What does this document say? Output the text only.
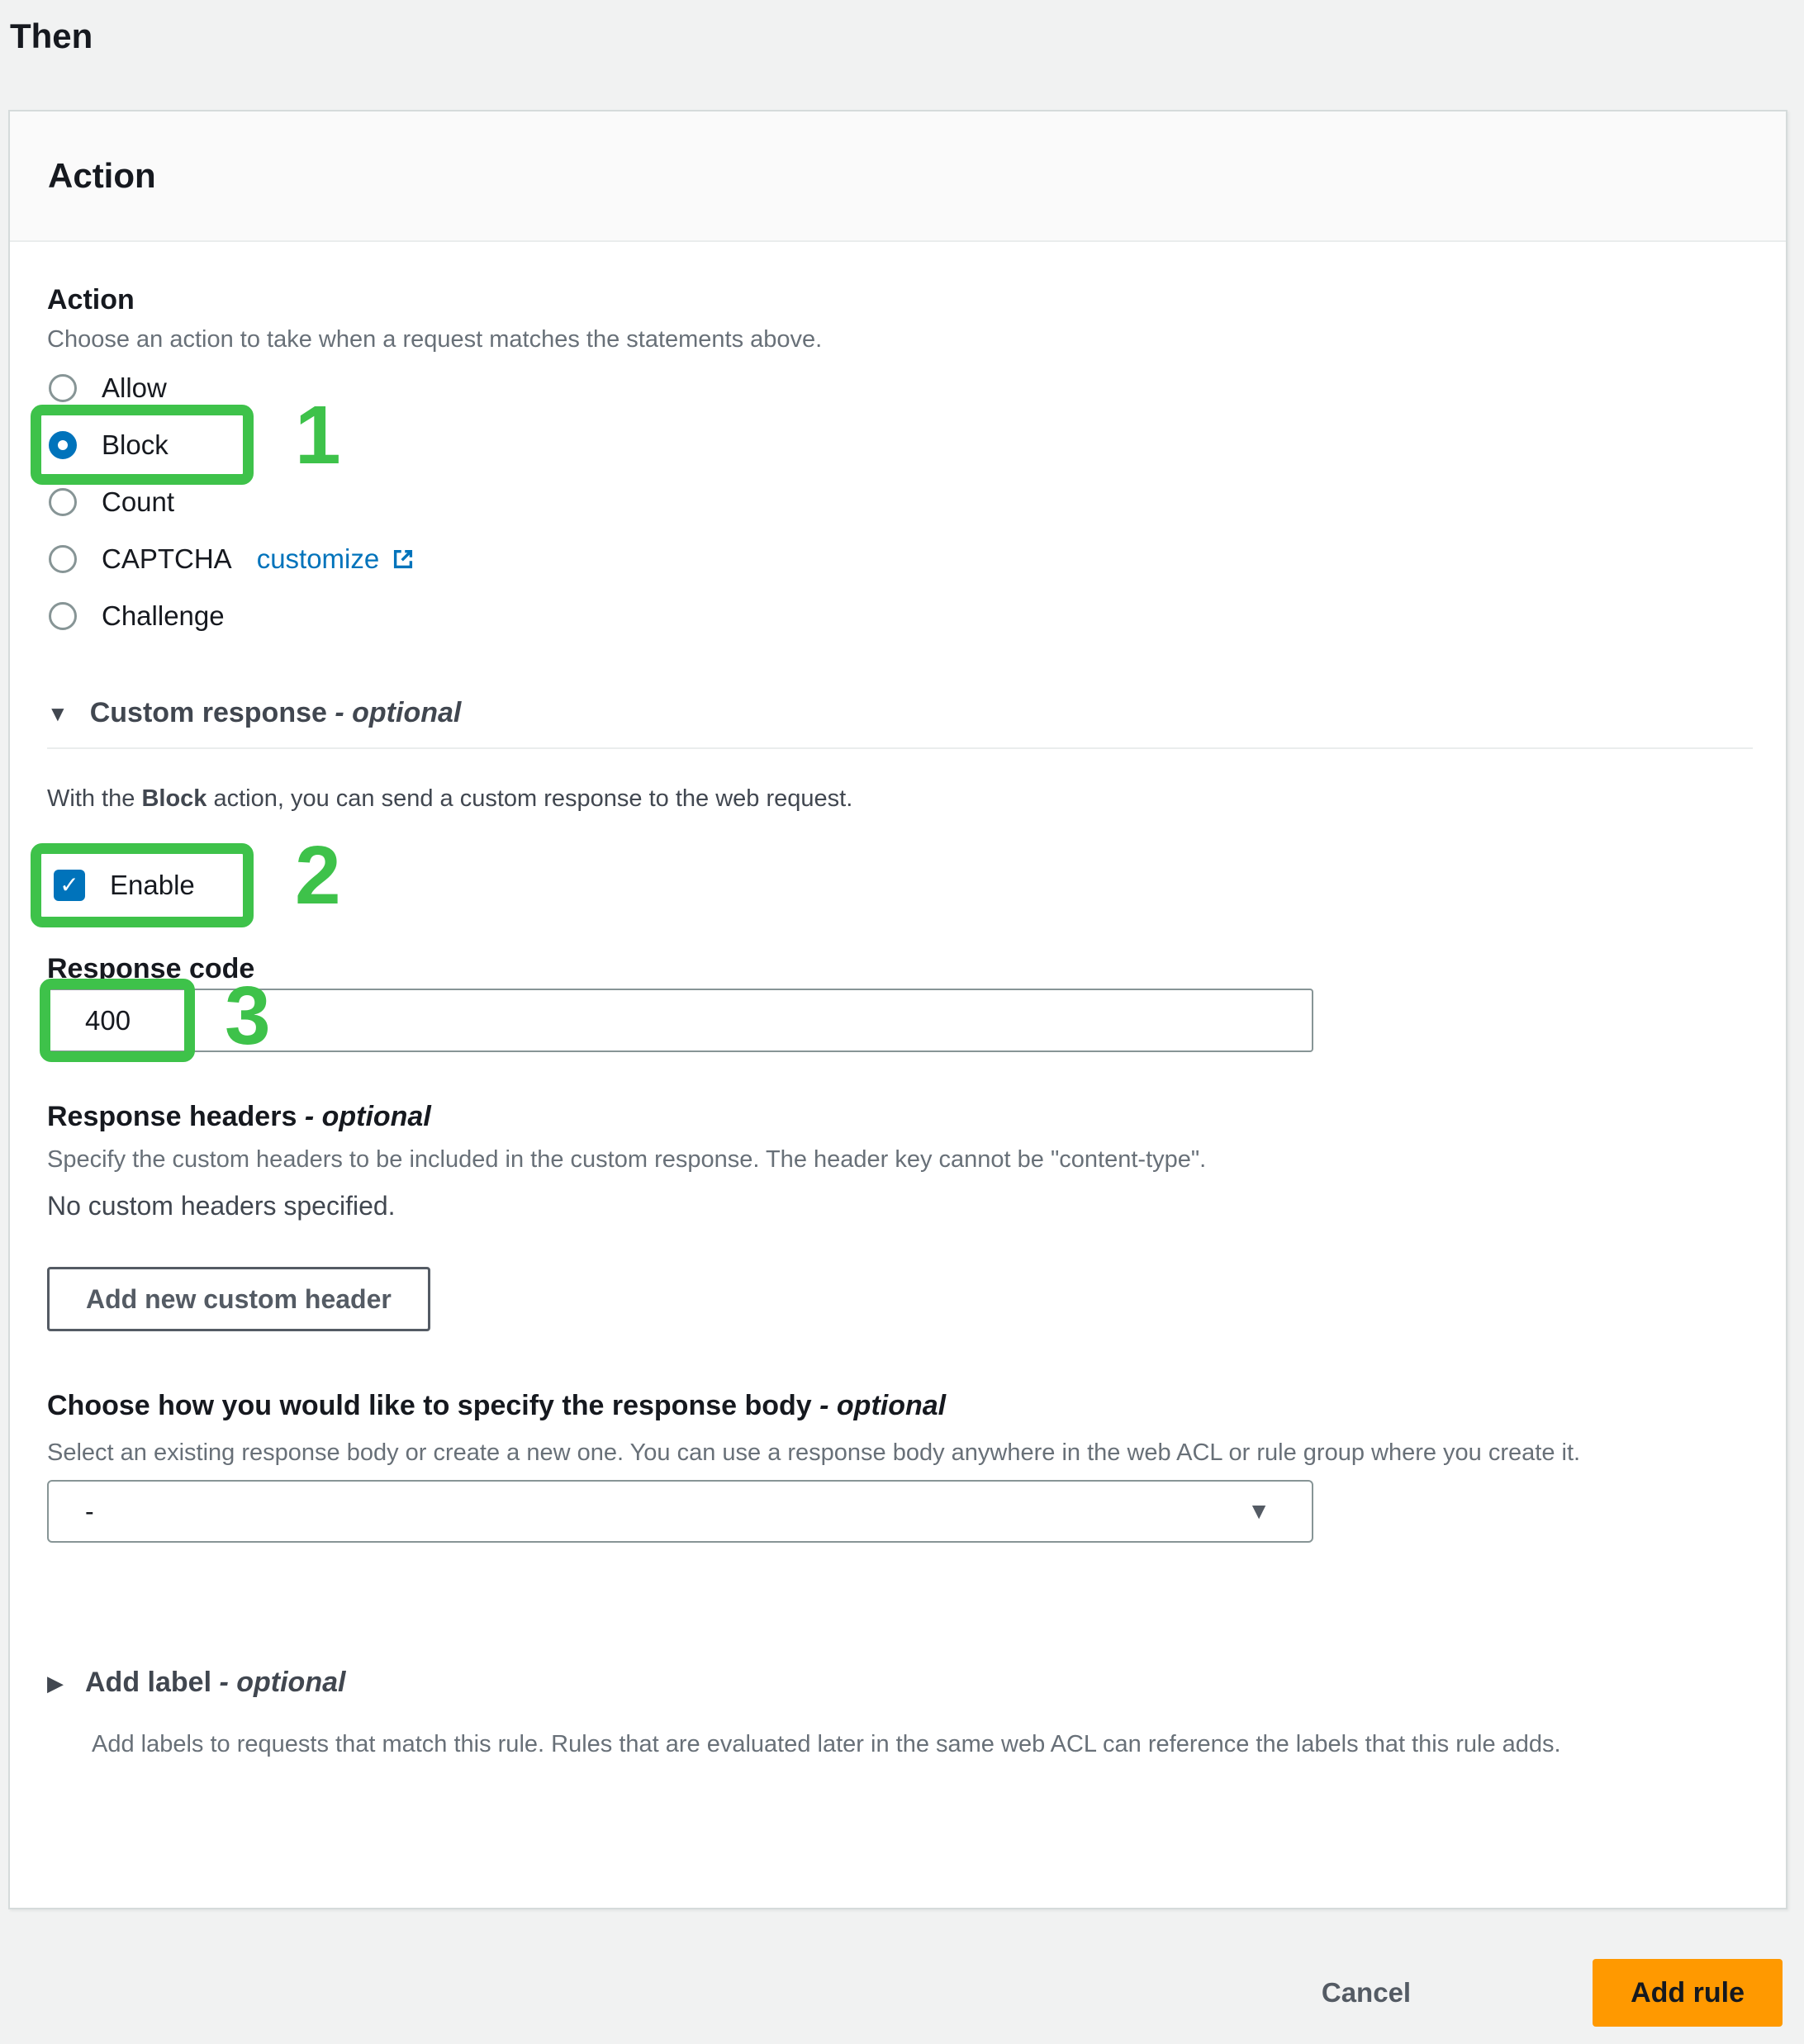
Then
Action
Action
Choose an action to take when a request matches the statements above.
Allow
Block 1
Count
CAPTCHA customize
Challenge
▼ Custom response - optional

With the Block action, you can send a custom response to the web request.

✓ Enable 2
Response code
400
3
Response headers - optional

Specify the custom headers to be included in the custom response. The header key cannot be "content-type".

No custom headers specified.

Add new custom header
Choose how you would like to specify the response body - optional

Select an existing response body or create a new one. You can use a response body anywhere in the web ACL or rule group where you create it.

-	▼
▶ Add label - optional

Add labels to requests that match this rule. Rules that are evaluated later in the same web ACL can reference the labels that this rule adds.

Cancel	Add rule
